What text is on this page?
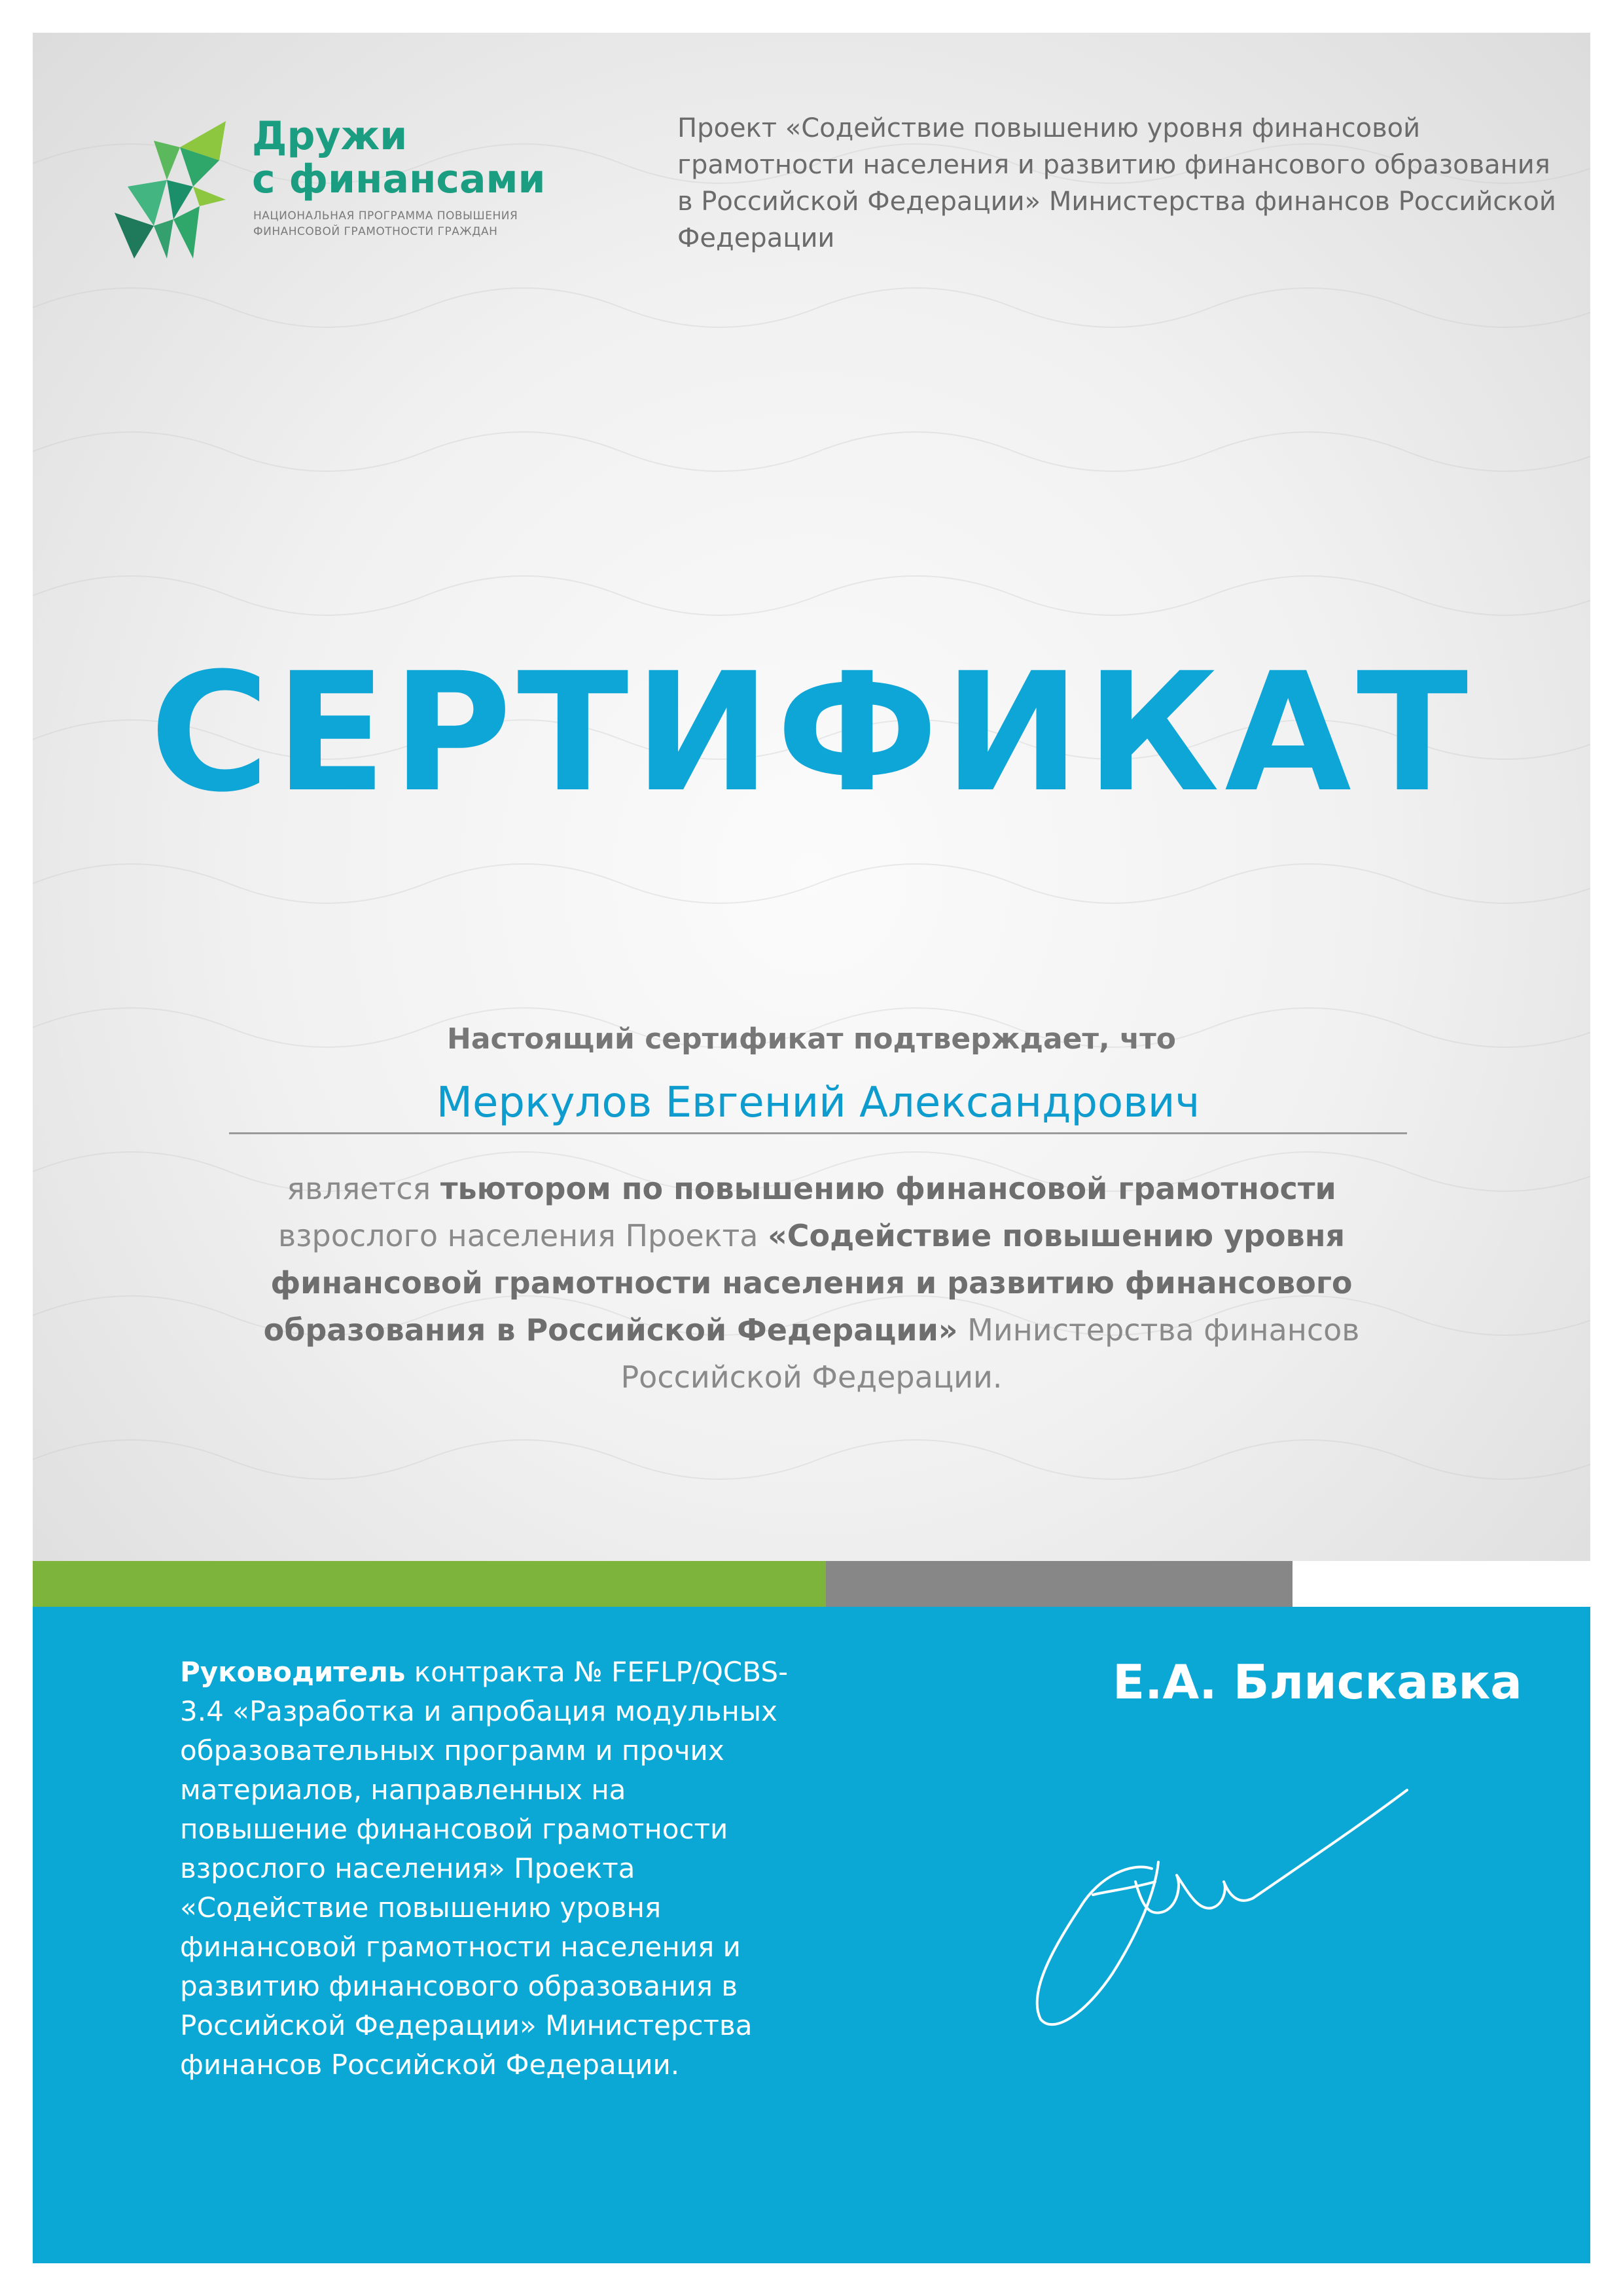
Дружи
с финансами

НАЦИОНАЛЬНАЯ ПРОГРАММА ПОВЫШЕНИЯ
ФИНАНСОВОЙ ГРАМОТНОСТИ ГРАЖДАН

Проект «Содействие повышению уровня финансовой грамотности населения и развитию финансового образования в Российской Федерации» Министерства финансов Российской Федерации

СЕРТИФИКАТ

Настоящий сертификат подтверждает, что

Меркулов Евгений Александрович

является тьютором по повышению финансовой грамотности взрослого населения Проекта «Содействие повышению уровня финансовой грамотности населения и развитию финансового образования в Российской Федерации» Министерства финансов Российской Федерации.

Руководитель контракта № FEFLP/QCBS-3.4 «Разработка и апробация модульных образовательных программ и прочих материалов, направленных на повышение финансовой грамотности взрослого населения» Проекта «Содействие повышению уровня финансовой грамотности населения и развитию финансового образования в Российской Федерации» Министерства финансов Российской Федерации.

Е.А. Блискавка
